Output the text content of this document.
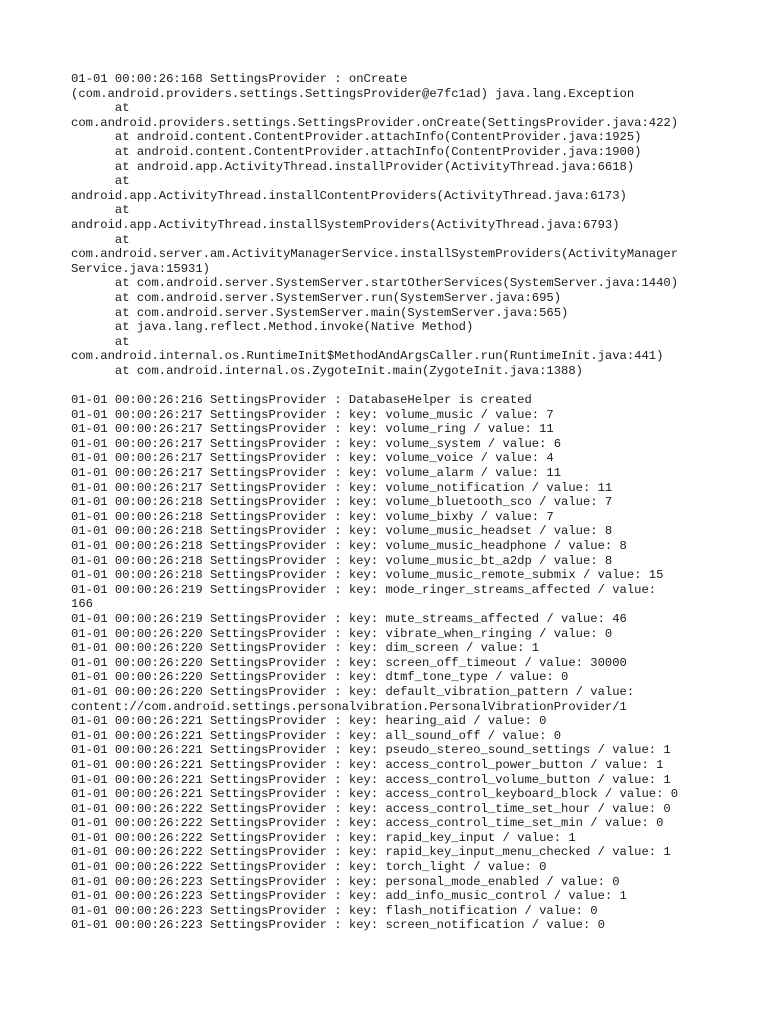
01-01 00:00:26:168 SettingsProvider : onCreate
(com.android.providers.settings.SettingsProvider@e7fc1ad) java.lang.Exception
at
com.android.providers.settings.SettingsProvider.onCreate(SettingsProvider.java:422)
at android.content.ContentProvider.attachInfo(ContentProvider.java:1925)
at android.content.ContentProvider.attachInfo(ContentProvider.java:1900)
at android.app.ActivityThread.installProvider(ActivityThread.java:6618)
at
android.app.ActivityThread.installContentProviders(ActivityThread.java:6173)
at
android.app.ActivityThread.installSystemProviders(ActivityThread.java:6793)
at
com.android.server.am.ActivityManagerService.installSystemProviders(ActivityManager
Service.java:15931)
at com.android.server.SystemServer.startOtherServices(SystemServer.java:1440)
at com.android.server.SystemServer.run(SystemServer.java:695)
at com.android.server.SystemServer.main(SystemServer.java:565)
at java.lang.reflect.Method.invoke(Native Method)
at
com.android.internal.os.RuntimeInit$MethodAndArgsCaller.run(RuntimeInit.java:441)
at com.android.internal.os.ZygoteInit.main(ZygoteInit.java:1388)
01-01 00:00:26:216 SettingsProvider : DatabaseHelper is created
01-01 00:00:26:217 SettingsProvider : key: volume_music / value: 7
01-01 00:00:26:217 SettingsProvider : key: volume_ring / value: 11
01-01 00:00:26:217 SettingsProvider : key: volume_system / value: 6
01-01 00:00:26:217 SettingsProvider : key: volume_voice / value: 4
01-01 00:00:26:217 SettingsProvider : key: volume_alarm / value: 11
01-01 00:00:26:217 SettingsProvider : key: volume_notification / value: 11
01-01 00:00:26:218 SettingsProvider : key: volume_bluetooth_sco / value: 7
01-01 00:00:26:218 SettingsProvider : key: volume_bixby / value: 7
01-01 00:00:26:218 SettingsProvider : key: volume_music_headset / value: 8
01-01 00:00:26:218 SettingsProvider : key: volume_music_headphone / value: 8
01-01 00:00:26:218 SettingsProvider : key: volume_music_bt_a2dp / value: 8
01-01 00:00:26:218 SettingsProvider : key: volume_music_remote_submix / value: 15
01-01 00:00:26:219 SettingsProvider : key: mode_ringer_streams_affected / value:
166
01-01 00:00:26:219 SettingsProvider : key: mute_streams_affected / value: 46
01-01 00:00:26:220 SettingsProvider : key: vibrate_when_ringing / value: 0
01-01 00:00:26:220 SettingsProvider : key: dim_screen / value: 1
01-01 00:00:26:220 SettingsProvider : key: screen_off_timeout / value: 30000
01-01 00:00:26:220 SettingsProvider : key: dtmf_tone_type / value: 0
01-01 00:00:26:220 SettingsProvider : key: default_vibration_pattern / value:
content://com.android.settings.personalvibration.PersonalVibrationProvider/1
01-01 00:00:26:221 SettingsProvider : key: hearing_aid / value: 0
01-01 00:00:26:221 SettingsProvider : key: all_sound_off / value: 0
01-01 00:00:26:221 SettingsProvider : key: pseudo_stereo_sound_settings / value: 1
01-01 00:00:26:221 SettingsProvider : key: access_control_power_button / value: 1
01-01 00:00:26:221 SettingsProvider : key: access_control_volume_button / value: 1
01-01 00:00:26:221 SettingsProvider : key: access_control_keyboard_block / value: 0
01-01 00:00:26:222 SettingsProvider : key: access_control_time_set_hour / value: 0
01-01 00:00:26:222 SettingsProvider : key: access_control_time_set_min / value: 0
01-01 00:00:26:222 SettingsProvider : key: rapid_key_input / value: 1
01-01 00:00:26:222 SettingsProvider : key: rapid_key_input_menu_checked / value: 1
01-01 00:00:26:222 SettingsProvider : key: torch_light / value: 0
01-01 00:00:26:223 SettingsProvider : key: personal_mode_enabled / value: 0
01-01 00:00:26:223 SettingsProvider : key: add_info_music_control / value: 1
01-01 00:00:26:223 SettingsProvider : key: flash_notification / value: 0
01-01 00:00:26:223 SettingsProvider : key: screen_notification / value: 0
